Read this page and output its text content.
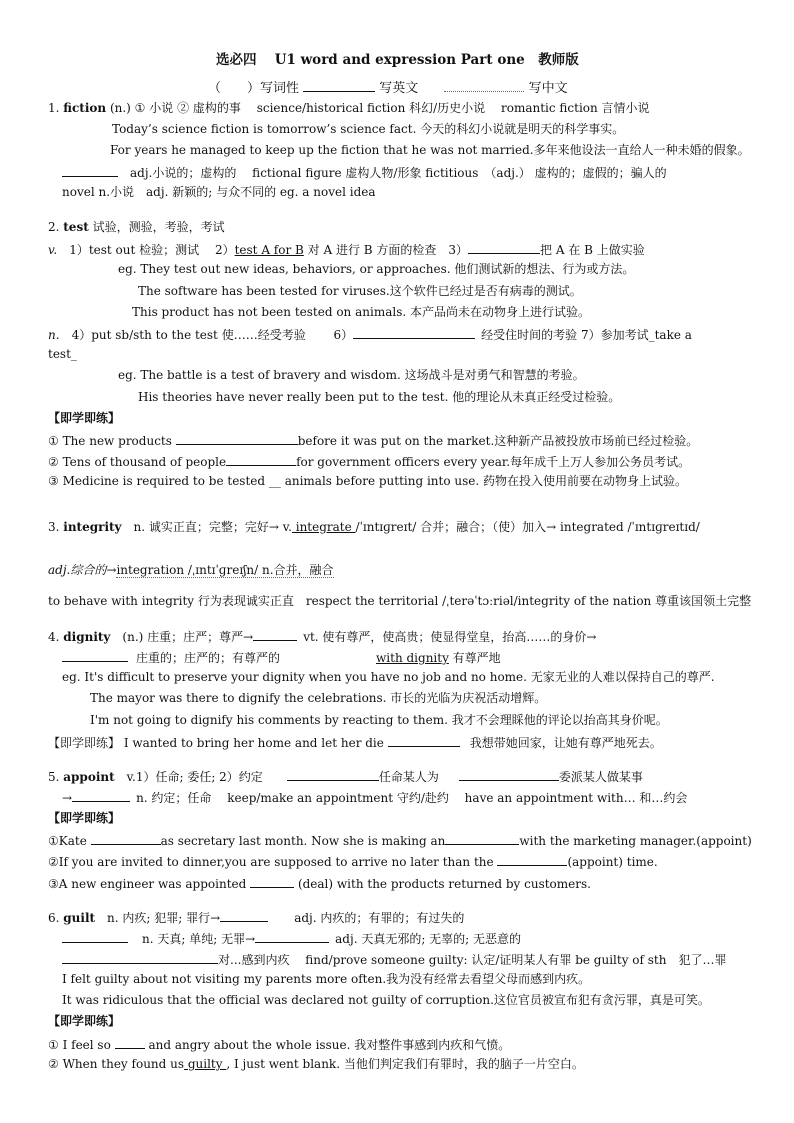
选必四　 U1 word and expression Part one　教师版
（　　）写词性	写英文	写中文
1. fiction (n.) ① 小说 ② 虚构的事　 science/historical fiction 科幻/历史小说　 romantic fiction 言情小说
Today’s science fiction is tomorrow’s science fact. 今天的科幻小说就是明天的科学事实。
For years he managed to keep up the fiction that he was not married.多年来他设法一直给人一种未婚的假象。
adj.小说的；虚构的　 fictional figure 虚构人物/形象 fictitious　（adj.） 虚构的；虚假的；骗人的
novel n.小说　adj. 新颖的; 与众不同的 eg. a novel idea
2. test 试验，测验，考验，考试
v.　 1）test out 检验；测试　 2）test A for B 对 A 进行 B 方面的检查　3）	把 A 在 B 上做实验
eg. They test out new ideas, behaviors, or approaches. 他们测试新的想法、行为或方法。
The software has been tested for viruses.这个软件已经过是否有病毒的测试。
This product has not been tested on animals. 本产品尚未在动物身上进行试验。
n.　 4）put sb/sth to the test 使……经受考验　　 6）	经受住时间的考验 7）参加考试_take a
test_
eg. The battle is a test of bravery and wisdom. 这场战斗是对勇气和智慧的考验。
His theories have never really been put to the test. 他的理论从未真正经受过检验。
【即学即练】
① The new products	before it was put on the market.这种新产品被投放市场前已经过检验。
② Tens of thousand of people	for government officers every year.每年成千上万人参加公务员考试。
③ Medicine is required to be tested __ animals before putting into use. 药物在投入使用前要在动物身上试验。
3. integrity　n. 诚实正直；完整；完好→ v. integrate /ˈɪntɪɡreɪt/ 合并；融合；（使）加入→ integrated /ˈɪntɪɡreɪtɪd/
adj.综合的→integration /ˌɪntɪˈɡreɪʃn/ n.合并，融合
to behave with integrity 行为表现诚实正直　respect the territorial /ˌterəˈtɔːriəl/integrity of the nation 尊重该国领土完整
4. dignity　(n.) 庄重；庄严；尊严→	vt. 使有尊严，使高贵；使显得堂皇，抬高……的身价→
庄重的；庄严的；有尊严的	with dignity 有尊严地
eg. It's difficult to preserve your dignity when you have no job and no home. 无家无业的人难以保持自己的尊严.
The mayor was there to dignify the celebrations. 市长的光临为庆祝活动增辉。
I'm not going to dignify his comments by reacting to them. 我才不会理睬他的评论以抬高其身价呢。
【即学即练】 I wanted to bring her home and let her die	我想带她回家，让她有尊严地死去。
5. appoint　v.1）任命; 委任; 2）约定	任命某人为	委派某人做某事
→	n. 约定；任命　 keep/make an appointment 守约/赴约　 have an appointment with… 和…约会
【即学即练】
①Kate	as secretary last month. Now she is making an	with the marketing manager.(appoint)
②If you are invited to dinner,you are supposed to arrive no later than the	(appoint) time.
③A new engineer was appointed	(deal) with the products returned by customers.
6. guilt　n. 内疚; 犯罪; 罪行→	　adj. 内疚的；有罪的；有过失的
n. 天真; 单纯; 无罪→	adj. 天真无邪的; 无辜的; 无恶意的
对...感到内疚　 find/prove someone guilty: 认定/证明某人有罪 be guilty of sth　犯了…罪
I felt guilty about not visiting my parents more often.我为没有经常去看望父母而感到内疚。
It was ridiculous that the official was declared not guilty of corruption.这位官员被宣布犯有贪污罪，真是可笑。
【即学即练】
① I feel so	and angry about the whole issue. 我对整件事感到内疚和气愤。
② When they found us guilty , I just went blank. 当他们判定我们有罪时，我的脑子一片空白。
